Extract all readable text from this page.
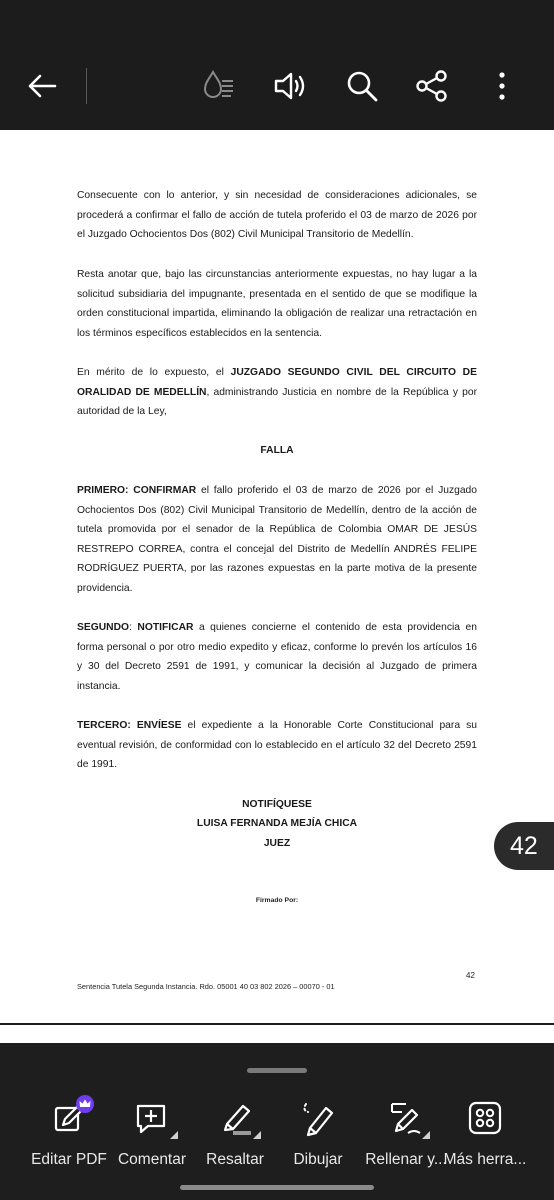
Consecuente con lo anterior, y sin necesidad de consideraciones adicionales, se procederá a confirmar el fallo de acción de tutela proferido el 03 de marzo de 2026 por el Juzgado Ochocientos Dos (802) Civil Municipal Transitorio de Medellín.
Resta anotar que, bajo las circunstancias anteriormente expuestas, no hay lugar a la solicitud subsidiaria del impugnante, presentada en el sentido de que se modifique la orden constitucional impartida, eliminando la obligación de realizar una retractación en los términos específicos establecidos en la sentencia.
En mérito de lo expuesto, el JUZGADO SEGUNDO CIVIL DEL CIRCUITO DE ORALIDAD DE MEDELLÍN, administrando Justicia en nombre de la República y por autoridad de la Ley,
FALLA
PRIMERO: CONFIRMAR el fallo proferido el 03 de marzo de 2026 por el Juzgado Ochocientos Dos (802) Civil Municipal Transitorio de Medellín, dentro de la acción de tutela promovida por el senador de la República de Colombia OMAR DE JESÚS RESTREPO CORREA, contra el concejal del Distrito de Medellín ANDRÉS FELIPE RODRÍGUEZ PUERTA, por las razones expuestas en la parte motiva de la presente providencia.
SEGUNDO: NOTIFICAR a quienes concierne el contenido de esta providencia en forma personal o por otro medio expedito y eficaz, conforme lo prevén los artículos 16 y 30 del Decreto 2591 de 1991, y comunicar la decisión al Juzgado de primera instancia.
TERCERO: ENVÍESE el expediente a la Honorable Corte Constitucional para su eventual revisión, de conformidad con lo establecido en el artículo 32 del Decreto 2591 de 1991.
NOTIFÍQUESE
LUISA FERNANDA MEJÍA CHICA
JUEZ
Firmado Por:
42
Sentencia Tutela Segunda Instancia. Rdo. 05001 40 03 802 2026 – 00070 - 01
42
Editar PDF Comentar	Resaltar	Dibujar	Rellenar y...
Más herra...
